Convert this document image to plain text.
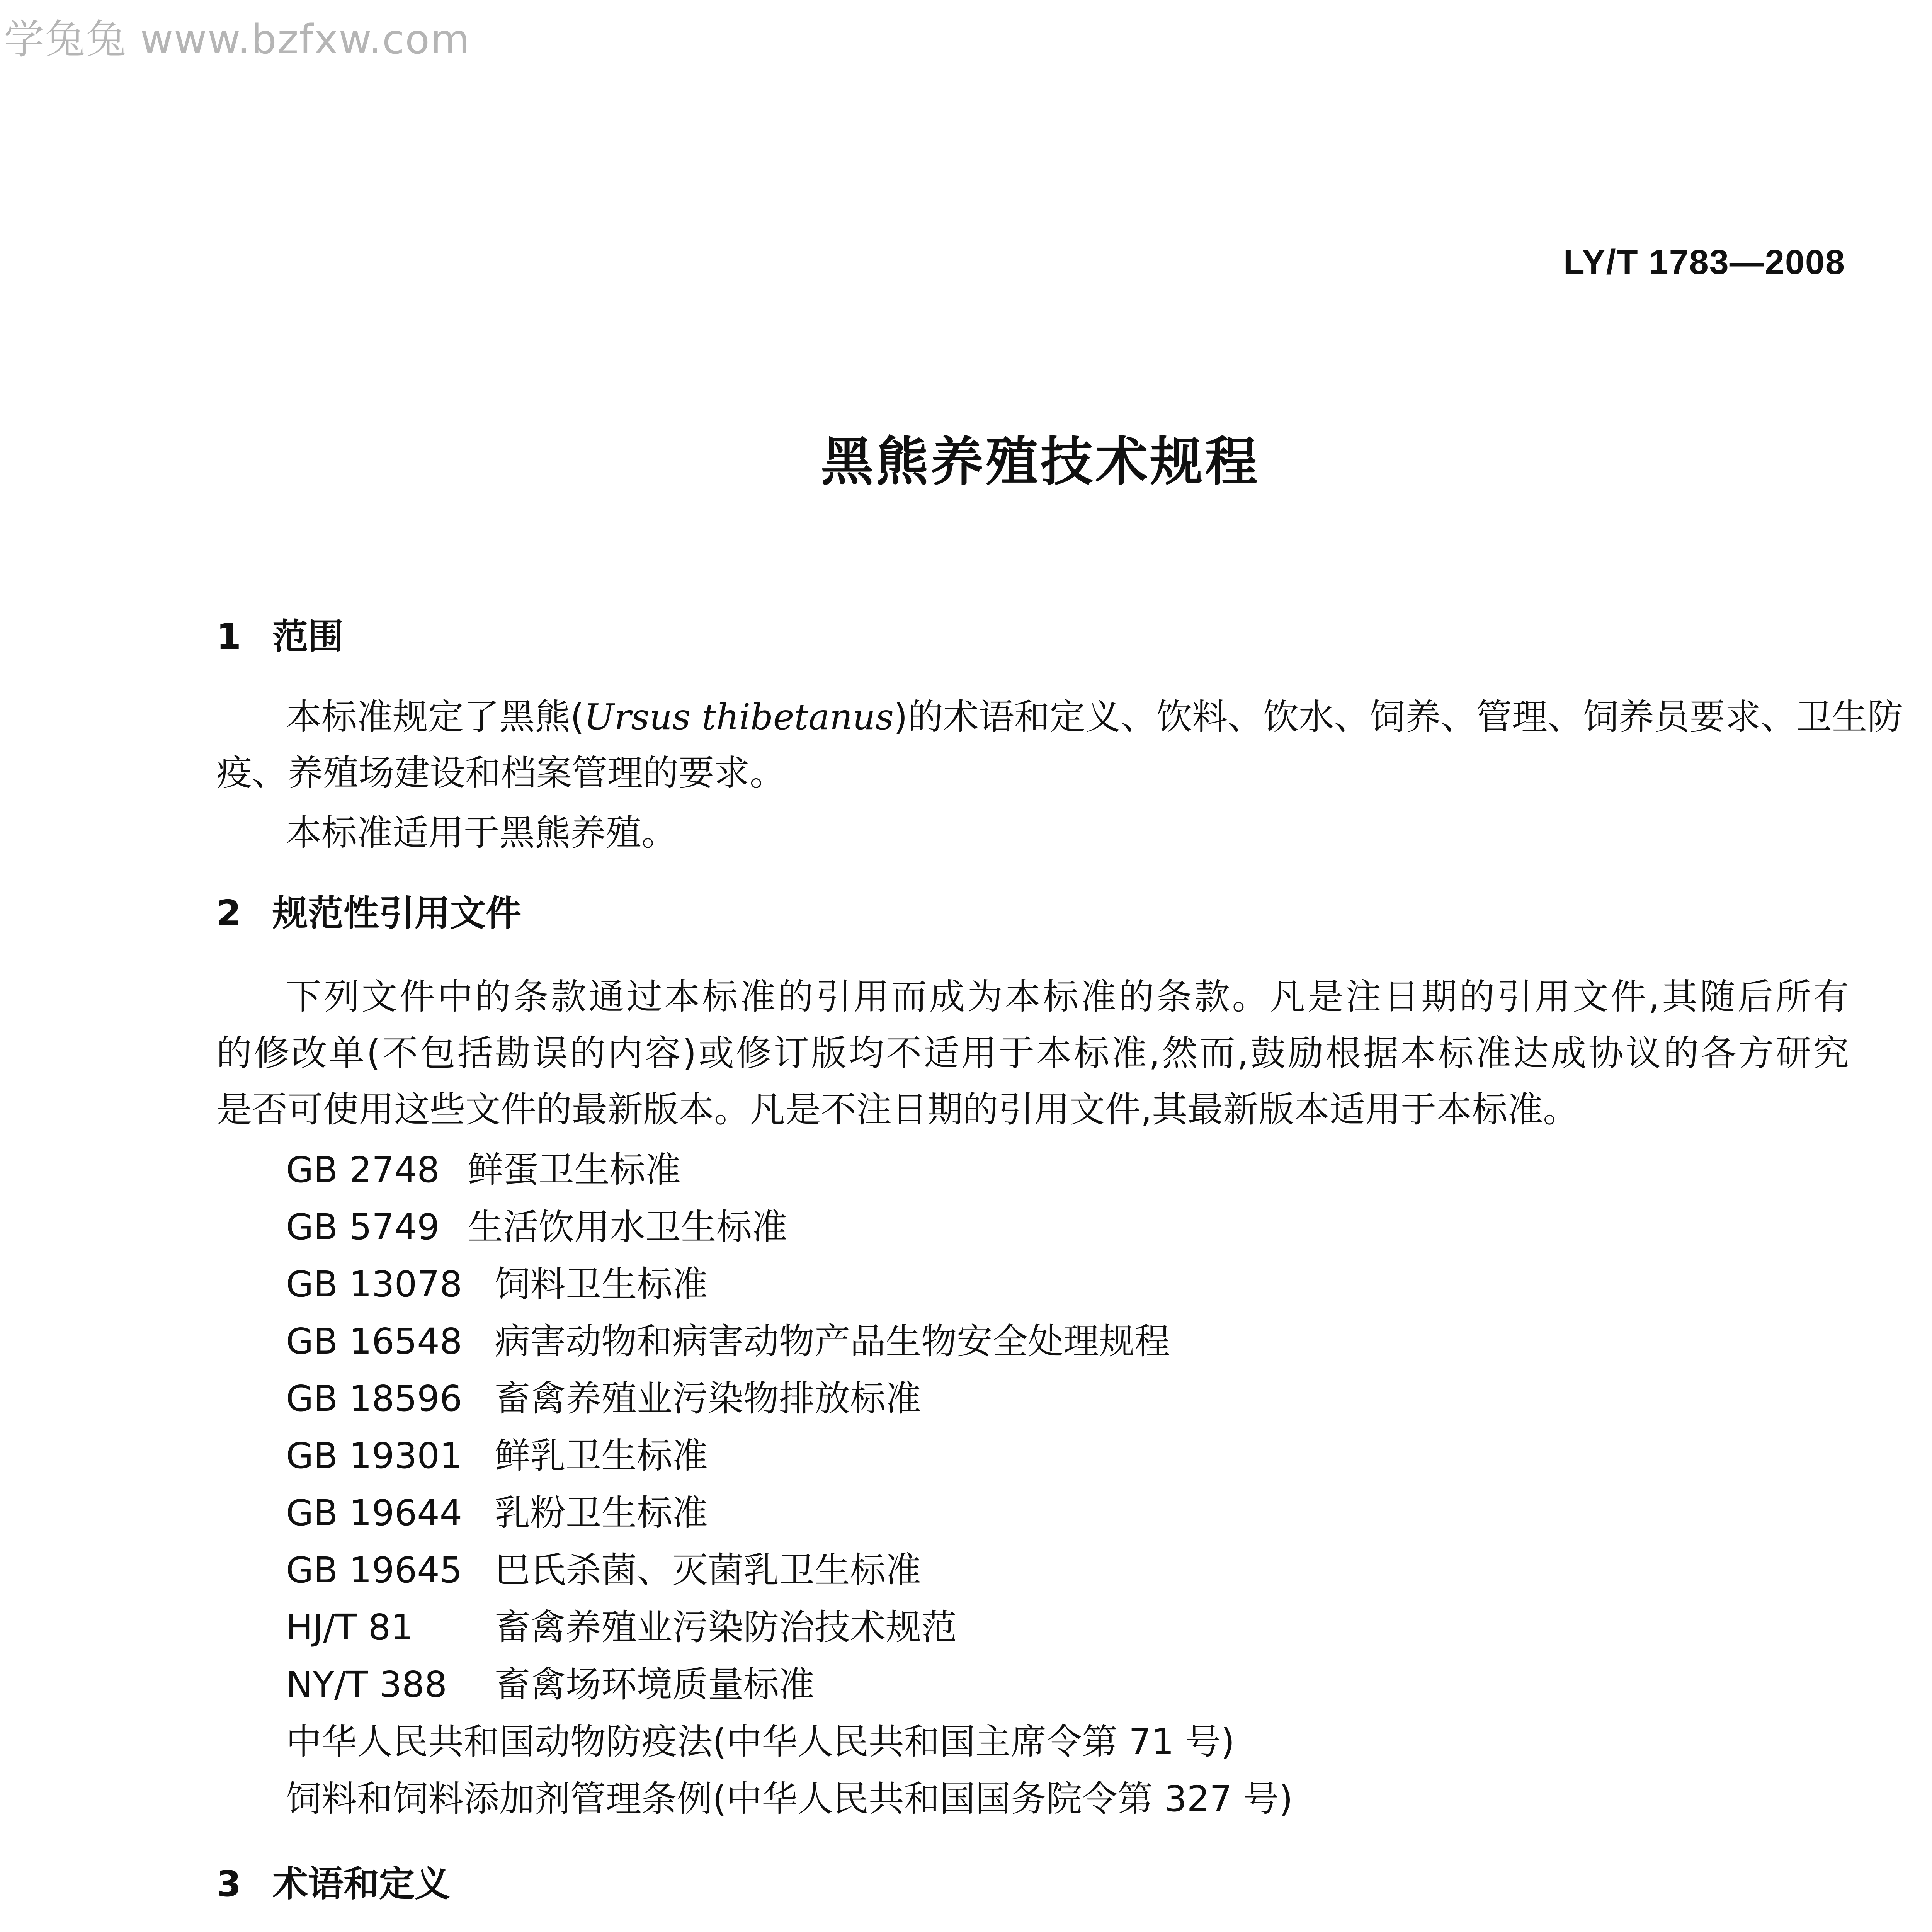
学兔兔 www.bzfxw.com
LY/T 1783—2008
黑熊养殖技术规程
1 范围
本标准规定了黑熊(Ursus thibetanus)的术语和定义、饮料、饮水、饲养、管理、饲养员要求、卫生防
疫、养殖场建设和档案管理的要求。
本标准适用于黑熊养殖。
2 规范性引用文件
下列文件中的条款通过本标准的引用而成为本标准的条款。凡是注日期的引用文件,其随后所有
的修改单(不包括勘误的内容)或修订版均不适用于本标准,然而,鼓励根据本标准达成协议的各方研究
是否可使用这些文件的最新版本。凡是不注日期的引用文件,其最新版本适用于本标准。
GB 2748 鲜蛋卫生标准
GB 5749 生活饮用水卫生标准
GB 13078 饲料卫生标准
GB 16548 病害动物和病害动物产品生物安全处理规程
GB 18596 畜禽养殖业污染物排放标准
GB 19301 鲜乳卫生标准
GB 19644 乳粉卫生标准
GB 19645 巴氏杀菌、灭菌乳卫生标准
HJ/T 81 畜禽养殖业污染防治技术规范
NY/T 388 畜禽场环境质量标准
中华人民共和国动物防疫法(中华人民共和国主席令第 71 号)
饲料和饲料添加剂管理条例(中华人民共和国国务院令第 327 号)
3 术语和定义
